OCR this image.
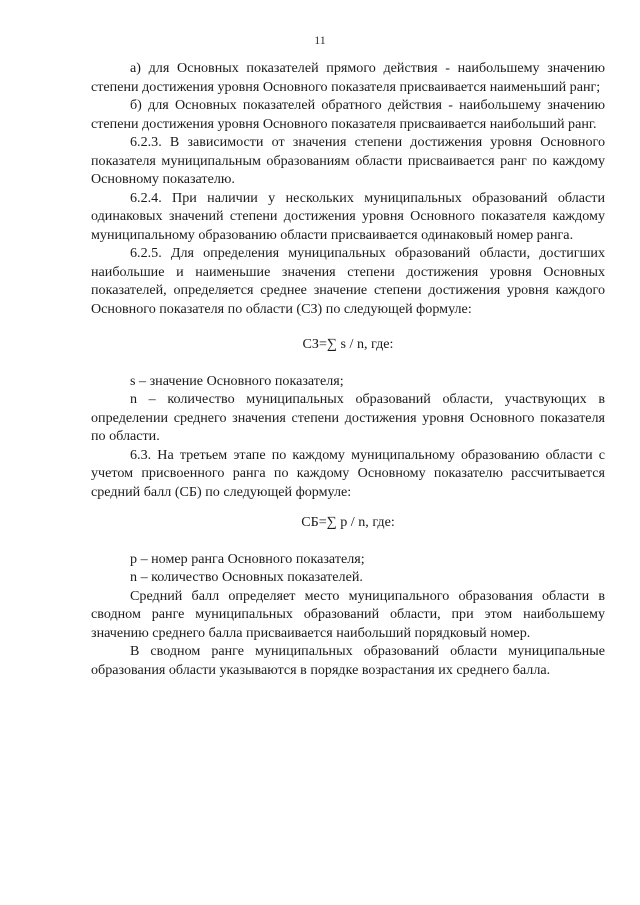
11

а) для Основных показателей прямого действия - наибольшему значению степени достижения уровня Основного показателя присваивается наименьший ранг;

б) для Основных показателей обратного действия - наибольшему значению степени достижения уровня Основного показателя присваивается наибольший ранг.

6.2.3. В зависимости от значения степени достижения уровня Основного показателя муниципальным образованиям области присваивается ранг по каждому Основному показателю.

6.2.4. При наличии у нескольких муниципальных образований области одинаковых значений степени достижения уровня Основного показателя каждому муниципальному образованию области присваивается одинаковый номер ранга.

6.2.5. Для определения муниципальных образований области, достигших наибольшие и наименьшие значения степени достижения уровня Основных показателей, определяется среднее значение степени достижения уровня каждого Основного показателя по области (СЗ) по следующей формуле:

СЗ=∑ s / n, где:

s – значение Основного показателя;

n – количество муниципальных образований области, участвующих в определении среднего значения степени достижения уровня Основного показателя по области.

6.3. На третьем этапе по каждому муниципальному образованию области с учетом присвоенного ранга по каждому Основному показателю рассчитывается средний балл (СБ) по следующей формуле:

СБ=∑ p / n, где:

p – номер ранга Основного показателя;

n – количество Основных показателей.

Средний балл определяет место муниципального образования области в сводном ранге муниципальных образований области, при этом наибольшему значению среднего балла присваивается наибольший порядковый номер.

В сводном ранге муниципальных образований области муниципальные образования области указываются в порядке возрастания их среднего балла.
